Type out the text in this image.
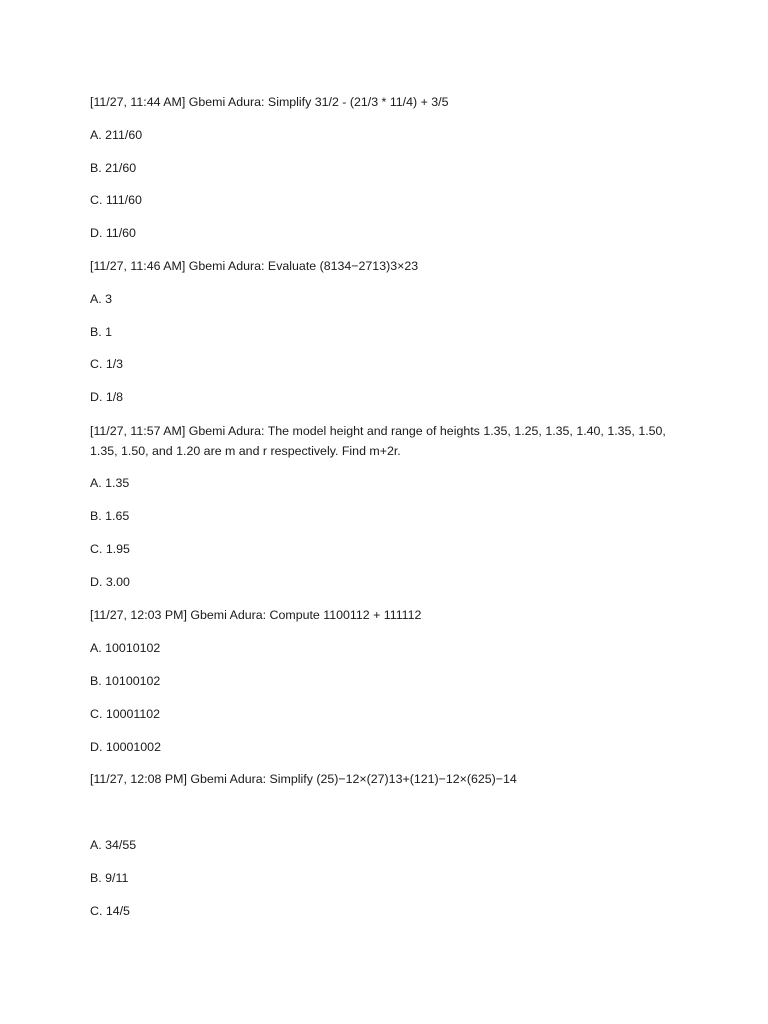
[11/27, 11:44 AM] Gbemi Adura: Simplify 31/2 - (21/3 * 11/4) + 3/5
A. 211/60
B. 21/60
C. 111/60
D. 11/60
[11/27, 11:46 AM] Gbemi Adura: Evaluate (8134−2713)3×23
A. 3
B. 1
C. 1/3
D. 1/8
[11/27, 11:57 AM] Gbemi Adura: The model height and range of heights 1.35, 1.25, 1.35, 1.40, 1.35, 1.50, 1.35, 1.50, and 1.20 are m and r respectively. Find m+2r.
A. 1.35
B. 1.65
C. 1.95
D. 3.00
[11/27, 12:03 PM] Gbemi Adura: Compute 1100112 + 111112
A. 10010102
B. 10100102
C. 10001102
D. 10001002
[11/27, 12:08 PM] Gbemi Adura: Simplify (25)−12×(27)13+(121)−12×(625)−14
A. 34/55
B. 9/11
C. 14/5
